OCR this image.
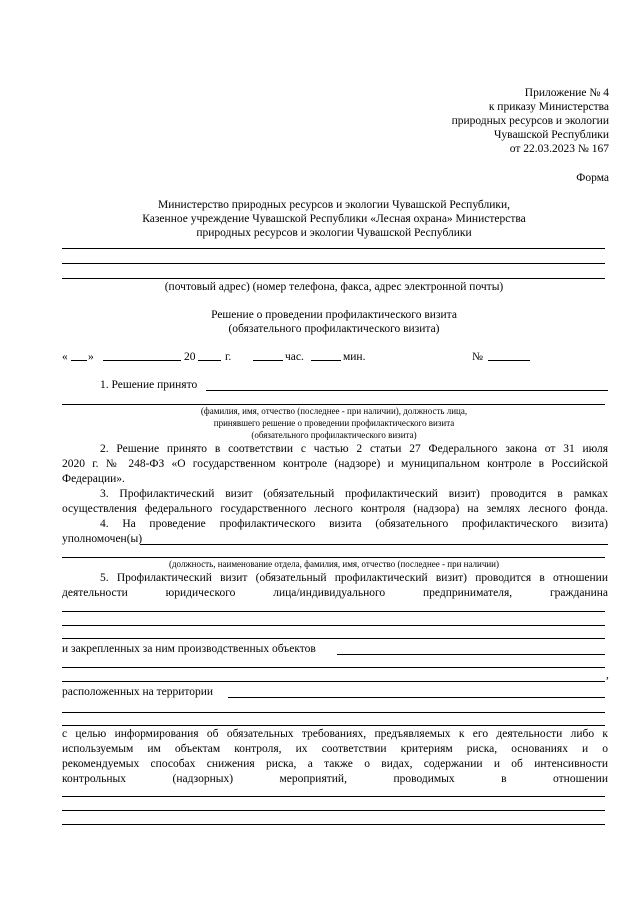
Приложение № 4
к приказу Министерства
природных ресурсов и экологии
Чувашской Республики
от 22.03.2023 № 167
Форма
Министерство природных ресурсов и экологии Чувашской Республики,
Казенное учреждение Чувашской Республики «Лесная охрана» Министерства
природных ресурсов и экологии Чувашской Республики
(почтовый адрес) (номер телефона, факса, адрес электронной почты)
Решение о проведении профилактического визита
(обязательного профилактического визита)
« »	20	г.	час.	мин.	№
1. Решение принято
(фамилия, имя, отчество (последнее - при наличии), должность лица,
принявшего решение о проведении профилактического визита
(обязательного профилактического визита)
2. Решение принято в соответствии с частью 2 статьи 27 Федерального закона от 31 июля
2020 г. № 248-ФЗ «О государственном контроле (надзоре) и муниципальном контроле в Российской
Федерации».
3. Профилактический визит (обязательный профилактический визит) проводится в рамках
осуществления федерального государственного лесного контроля (надзора) на землях лесного фонда.
4. На проведение профилактического визита (обязательного профилактического визита)
уполномочен(ы)
(должность, наименование отдела, фамилия, имя, отчество (последнее - при наличии)
5. Профилактический визит (обязательный профилактический визит) проводится в отношении
деятельности юридического лица/индивидуального предпринимателя, гражданина
и закрепленных за ним производственных объектов
,
расположенных на территории
с целью информирования об обязательных требованиях, предъявляемых к его деятельности либо к
используемым им объектам контроля, их соответствии критериям риска, основаниях и о
рекомендуемых способах снижения риска, а также о видах, содержании и об интенсивности
контрольных (надзорных) мероприятий, проводимых в отношении
